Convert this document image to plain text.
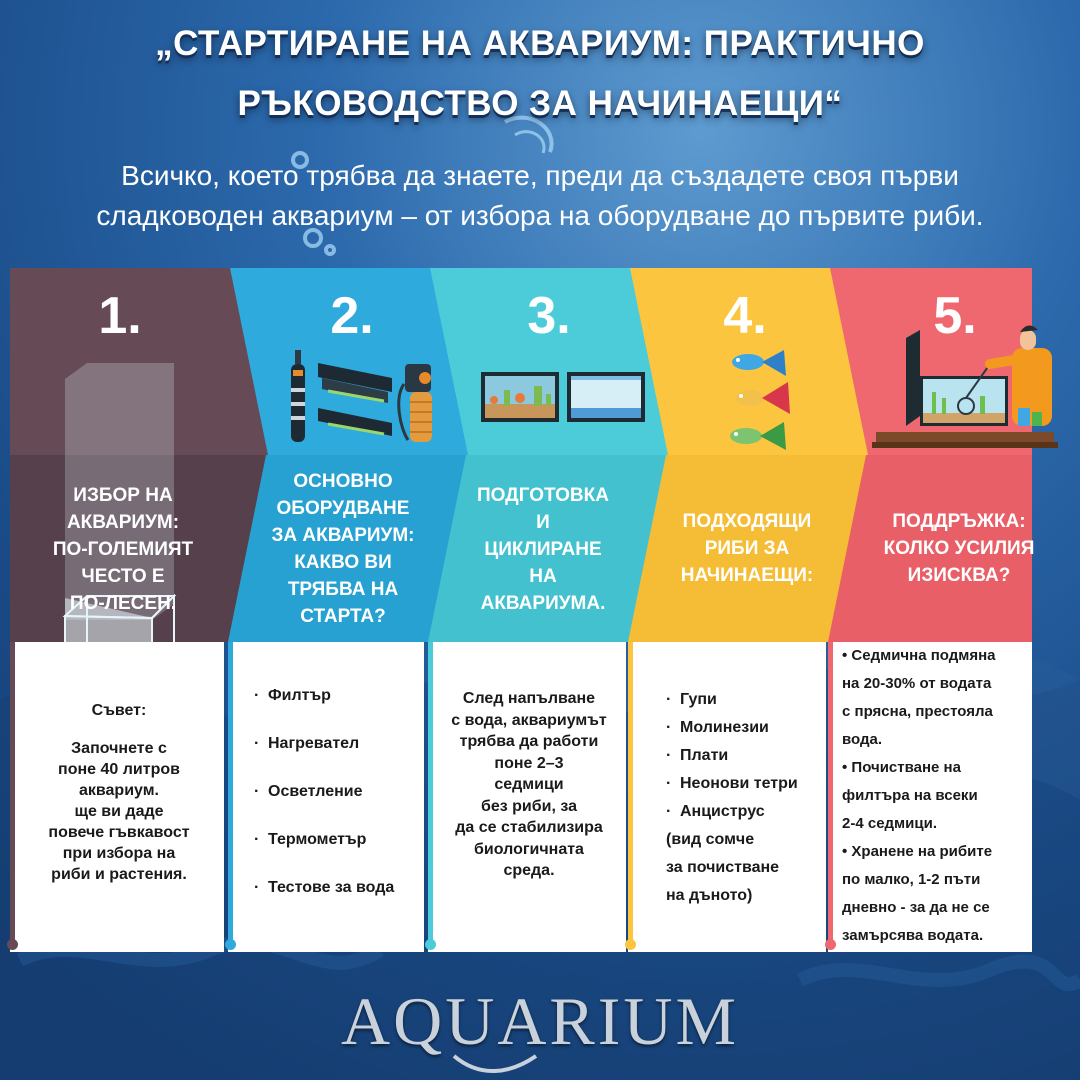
„СТАРТИРАНЕ НА АКВАРИУМ: ПРАКТИЧНО
РЪКОВОДСТВО ЗА НАЧИНАЕЩИ“

Всичко, което трябва да знаете, преди да създадете своя първи
сладководен аквариум – от избора на оборудване до първите риби.

1.	2.	3.	4.	5.
ИЗБОР НА
АКВАРИУМ:
ПО-ГОЛЕМИЯТ
ЧЕСТО Е
ПО-ЛЕСЕН.
ОСНОВНО
ОБОРУДВАНЕ
ЗА АКВАРИУМ:
КАКВО ВИ
ТРЯБВА НА
СТАРТА?
ПОДГОТОВКА
И
ЦИКЛИРАНЕ
НА
АКВАРИУМА.
ПОДХОДЯЩИ
РИБИ ЗА
НАЧИНАЕЩИ:
ПОДДРЪЖКА:
КОЛКО УСИЛИЯ
ИЗИСКВА?
Съвет:
Започнете с
поне 40 литров
аквариум.
ще ви даде
повече гъвкавост
при избора на
риби и растения.
· Филтър
· Нагревател
· Осветление
· Термометър
· Тестове за вода
След напълване
с вода, аквариумът
трябва да работи
поне 2–3
седмици
без риби, за
да се стабилизира
биологичната
среда.
· Гупи
· Молинезии
· Плати
· Неонови тетри
· Анциструс
(вид сомче
за почистване
на дъното)
• Седмична подмяна
на 20-30% от водата
с прясна, престояла
вода.
• Почистване на
филтъра на всеки
2-4 седмици.
• Хранене на рибите
по малко, 1-2 пъти
дневно - за да не се
замърсява водата.
AQUARIUM
